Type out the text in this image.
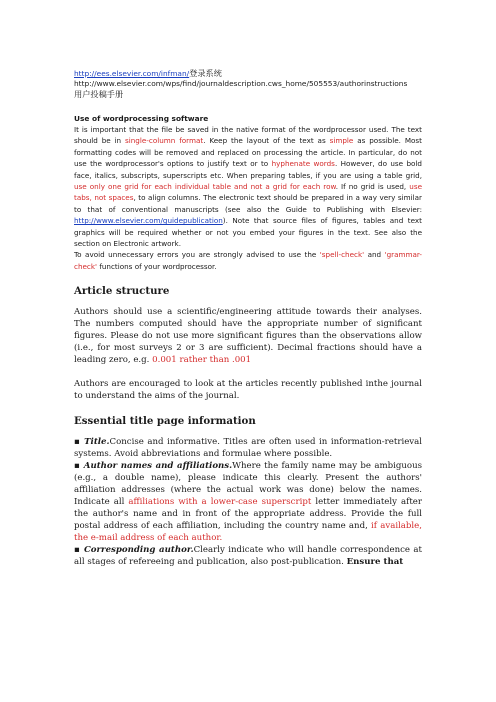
http://ees.elsevier.com/infman/登录系统
http://www.elsevier.com/wps/find/journaldescription.cws_home/505553/authorinstructions
用户投稿手册
Use of wordprocessing software

It is important that the file be saved in the native format of the wordprocessor used. The text should be in single-column format. Keep the layout of the text as simple as possible. Most formatting codes will be removed and replaced on processing the article. In particular, do not use the wordprocessor's options to justify text or to hyphenate words. However, do use bold face, italics, subscripts, superscripts etc. When preparing tables, if you are using a table grid, use only one grid for each individual table and not a grid for each row. If no grid is used, use tabs, not spaces, to align columns. The electronic text should be prepared in a way very similar to that of conventional manuscripts (see also the Guide to Publishing with Elsevier: http://www.elsevier.com/guidepublication). Note that source files of figures, tables and text graphics will be required whether or not you embed your figures in the text. See also the section on Electronic artwork.

To avoid unnecessary errors you are strongly advised to use the 'spell-check' and 'grammar-check' functions of your wordprocessor.

Article structure

Authors should use a scientific/engineering attitude towards their analyses. The numbers computed should have the appropriate number of significant figures. Please do not use more significant figures than the observations allow (i.e., for most surveys 2 or 3 are sufficient). Decimal fractions should have a leading zero, e.g. 0.001 rather than .001

Authors are encouraged to look at the articles recently published inthe journal to understand the aims of the journal.

Essential title page information

▪ Title.Concise and informative. Titles are often used in information-retrieval systems. Avoid abbreviations and formulae where possible.

▪ Author names and affiliations.Where the family name may be ambiguous (e.g., a double name), please indicate this clearly. Present the authors' affiliation addresses (where the actual work was done) below the names. Indicate all affiliations with a lower-case superscript letter immediately after the author's name and in front of the appropriate address. Provide the full postal address of each affiliation, including the country name and, if available, the e-mail address of each author.

▪ Corresponding author.Clearly indicate who will handle correspondence at all stages of refereeing and publication, also post-publication. Ensure that
